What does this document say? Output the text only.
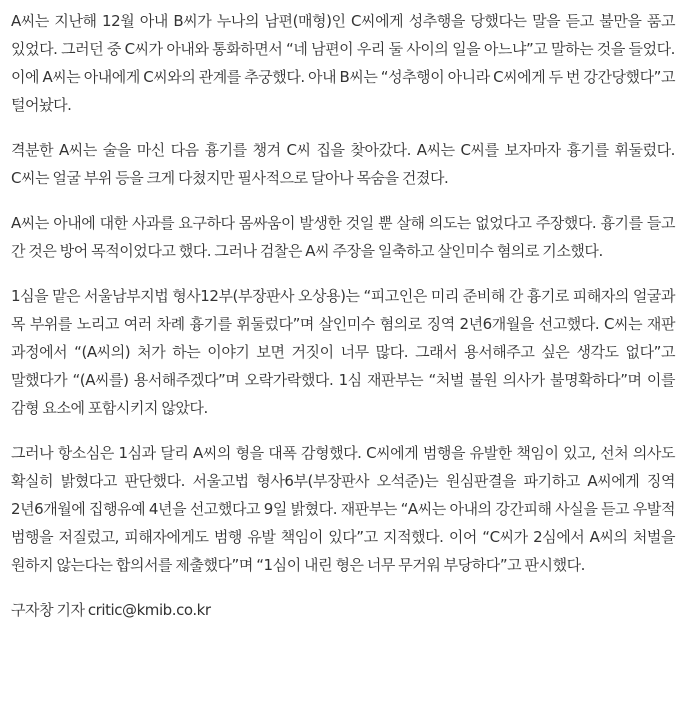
A씨는 지난해 12월 아내 B씨가 누나의 남편(매형)인 C씨에게 성추행을 당했다는 말을 듣고 불만을 품고 있었다. 그러던 중 C씨가 아내와 통화하면서 “네 남편이 우리 둘 사이의 일을 아느냐”고 말하는 것을 들었다. 이에 A씨는 아내에게 C씨와의 관계를 추궁했다. 아내 B씨는 “성추행이 아니라 C씨에게 두 번 강간당했다”고 털어놨다.

격분한 A씨는 술을 마신 다음 흉기를 챙겨 C씨 집을 찾아갔다. A씨는 C씨를 보자마자 흉기를 휘둘렀다. C씨는 얼굴 부위 등을 크게 다쳤지만 필사적으로 달아나 목숨을 건졌다.

A씨는 아내에 대한 사과를 요구하다 몸싸움이 발생한 것일 뿐 살해 의도는 없었다고 주장했다. 흉기를 들고 간 것은 방어 목적이었다고 했다. 그러나 검찰은 A씨 주장을 일축하고 살인미수 혐의로 기소했다.

1심을 맡은 서울남부지법 형사12부(부장판사 오상용)는 “피고인은 미리 준비해 간 흉기로 피해자의 얼굴과 목 부위를 노리고 여러 차례 흉기를 휘둘렀다”며 살인미수 혐의로 징역 2년6개월을 선고했다. C씨는 재판 과정에서 “(A씨의) 처가 하는 이야기 보면 거짓이 너무 많다. 그래서 용서해주고 싶은 생각도 없다”고 말했다가 “(A씨를) 용서해주겠다”며 오락가락했다. 1심 재판부는 “처벌 불원 의사가 불명확하다”며 이를 감형 요소에 포함시키지 않았다.

그러나 항소심은 1심과 달리 A씨의 형을 대폭 감형했다. C씨에게 범행을 유발한 책임이 있고, 선처 의사도 확실히 밝혔다고 판단했다. 서울고법 형사6부(부장판사 오석준)는 원심판결을 파기하고 A씨에게 징역 2년6개월에 집행유예 4년을 선고했다고 9일 밝혔다. 재판부는 “A씨는 아내의 강간피해 사실을 듣고 우발적 범행을 저질렀고, 피해자에게도 범행 유발 책임이 있다”고 지적했다. 이어 “C씨가 2심에서 A씨의 처벌을 원하지 않는다는 합의서를 제출했다”며 “1심이 내린 형은 너무 무거워 부당하다”고 판시했다.

구자창 기자 critic@kmib.co.kr
